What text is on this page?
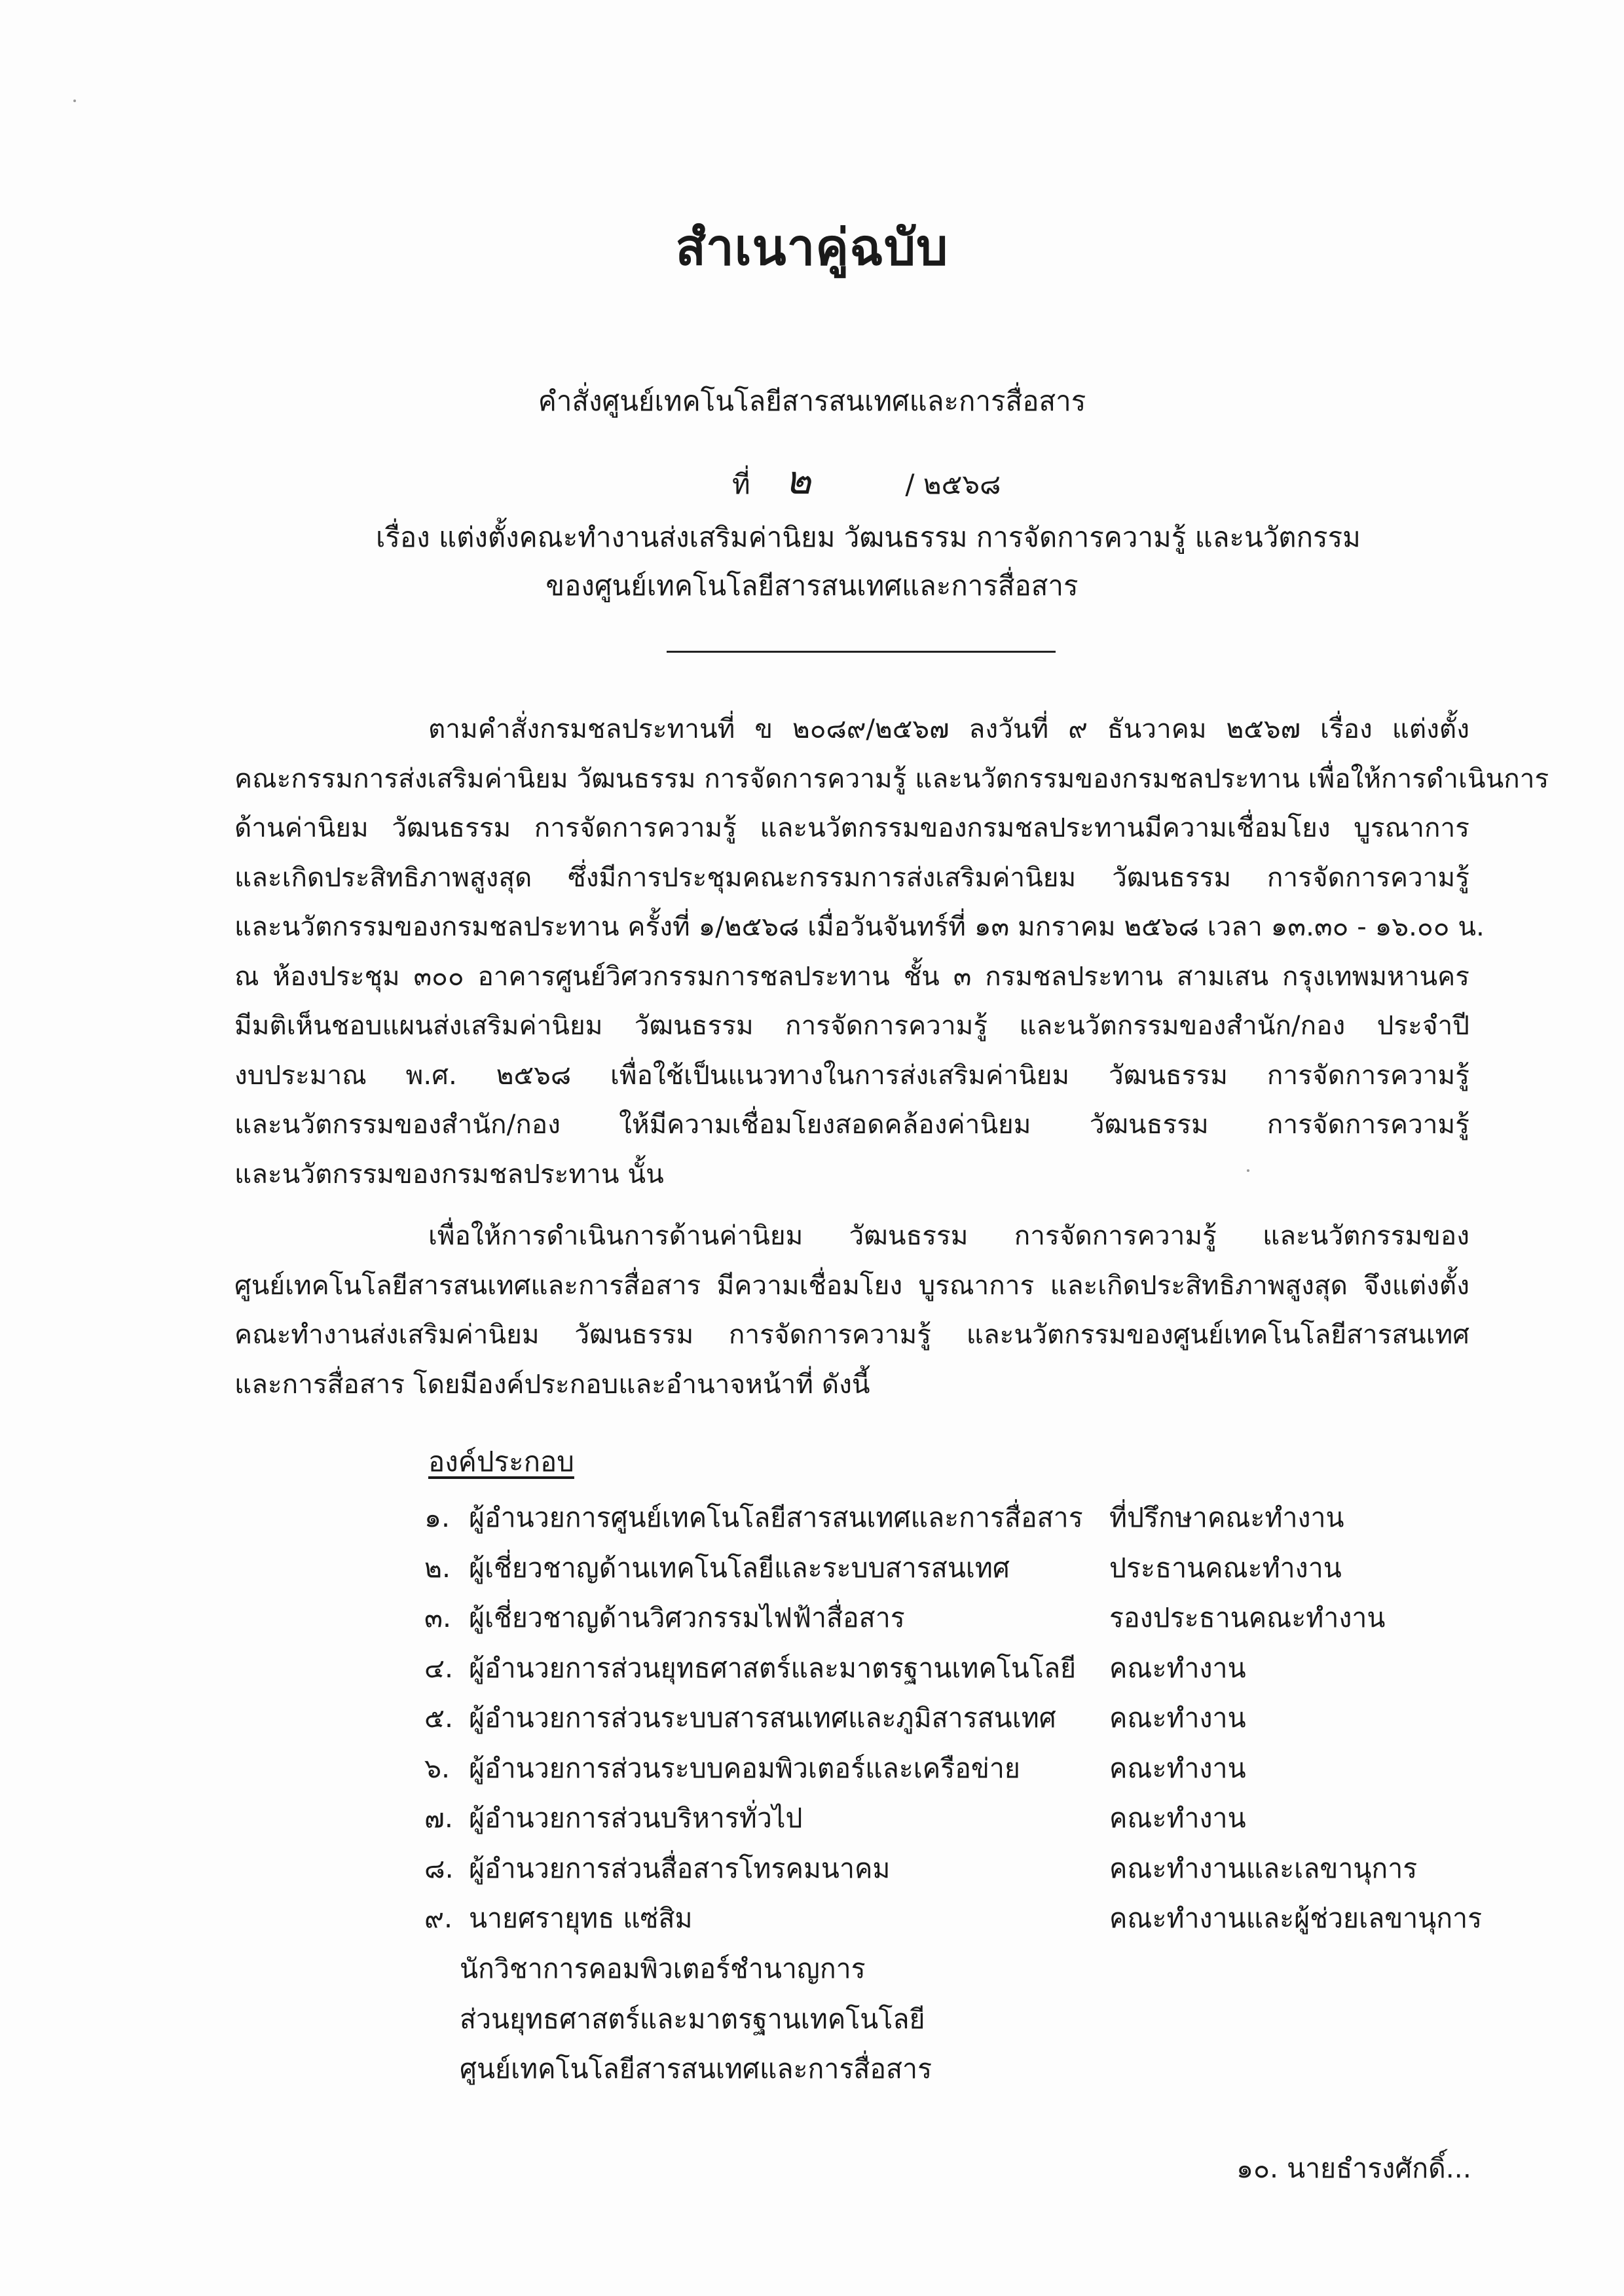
สำเนาคู่ฉบับ
คำสั่งศูนย์เทคโนโลยีสารสนเทศและการสื่อสาร
ที่ ๒	/ ๒๕๖๘
เรื่อง แต่งตั้งคณะทำงานส่งเสริมค่านิยม วัฒนธรรม การจัดการความรู้ และนวัตกรรม
ของศูนย์เทคโนโลยีสารสนเทศและการสื่อสาร
ตามคำสั่งกรมชลประทานที่ ข ๒๐๘๙/๒๕๖๗ ลงวันที่ ๙ ธันวาคม ๒๕๖๗ เรื่อง แต่งตั้ง
คณะกรรมการส่งเสริมค่านิยม วัฒนธรรม การจัดการความรู้ และนวัตกรรมของกรมชลประทาน เพื่อให้การดำเนินการ
ด้านค่านิยม วัฒนธรรม การจัดการความรู้ และนวัตกรรมของกรมชลประทานมีความเชื่อมโยง บูรณาการ
และเกิดประสิทธิภาพสูงสุด ซึ่งมีการประชุมคณะกรรมการส่งเสริมค่านิยม วัฒนธรรม การจัดการความรู้
และนวัตกรรมของกรมชลประทาน ครั้งที่ ๑/๒๕๖๘ เมื่อวันจันทร์ที่ ๑๓ มกราคม ๒๕๖๘ เวลา ๑๓.๓๐ - ๑๖.๐๐ น.
ณ ห้องประชุม ๓๐๐ อาคารศูนย์วิศวกรรมการชลประทาน ชั้น ๓ กรมชลประทาน สามเสน กรุงเทพมหานคร
มีมติเห็นชอบแผนส่งเสริมค่านิยม วัฒนธรรม การจัดการความรู้ และนวัตกรรมของสำนัก/กอง ประจำปี
งบประมาณ พ.ศ. ๒๕๖๘ เพื่อใช้เป็นแนวทางในการส่งเสริมค่านิยม วัฒนธรรม การจัดการความรู้
และนวัตกรรมของสำนัก/กอง ให้มีความเชื่อมโยงสอดคล้องค่านิยม วัฒนธรรม การจัดการความรู้
และนวัตกรรมของกรมชลประทาน นั้น
เพื่อให้การดำเนินการด้านค่านิยม วัฒนธรรม การจัดการความรู้ และนวัตกรรมของ
ศูนย์เทคโนโลยีสารสนเทศและการสื่อสาร มีความเชื่อมโยง บูรณาการ และเกิดประสิทธิภาพสูงสุด จึงแต่งตั้ง
คณะทำงานส่งเสริมค่านิยม วัฒนธรรม การจัดการความรู้ และนวัตกรรมของศูนย์เทคโนโลยีสารสนเทศ
และการสื่อสาร โดยมีองค์ประกอบและอำนาจหน้าที่ ดังนี้
องค์ประกอบ
๑. ผู้อำนวยการศูนย์เทคโนโลยีสารสนเทศและการสื่อสาร ที่ปรึกษาคณะทำงาน
๒. ผู้เชี่ยวชาญด้านเทคโนโลยีและระบบสารสนเทศ	ประธานคณะทำงาน
๓. ผู้เชี่ยวชาญด้านวิศวกรรมไฟฟ้าสื่อสาร	รองประธานคณะทำงาน
๔. ผู้อำนวยการส่วนยุทธศาสตร์และมาตรฐานเทคโนโลยี คณะทำงาน
๕. ผู้อำนวยการส่วนระบบสารสนเทศและภูมิสารสนเทศ คณะทำงาน
๖. ผู้อำนวยการส่วนระบบคอมพิวเตอร์และเครือข่าย	คณะทำงาน
๗. ผู้อำนวยการส่วนบริหารทั่วไป	คณะทำงาน
๘. ผู้อำนวยการส่วนสื่อสารโทรคมนาคม	คณะทำงานและเลขานุการ
๙. นายศรายุทธ แซ่สิม	คณะทำงานและผู้ช่วยเลขานุการ
นักวิชาการคอมพิวเตอร์ชำนาญการ
ส่วนยุทธศาสตร์และมาตรฐานเทคโนโลยี
ศูนย์เทคโนโลยีสารสนเทศและการสื่อสาร
๑๐. นายธำรงศักดิ์...
